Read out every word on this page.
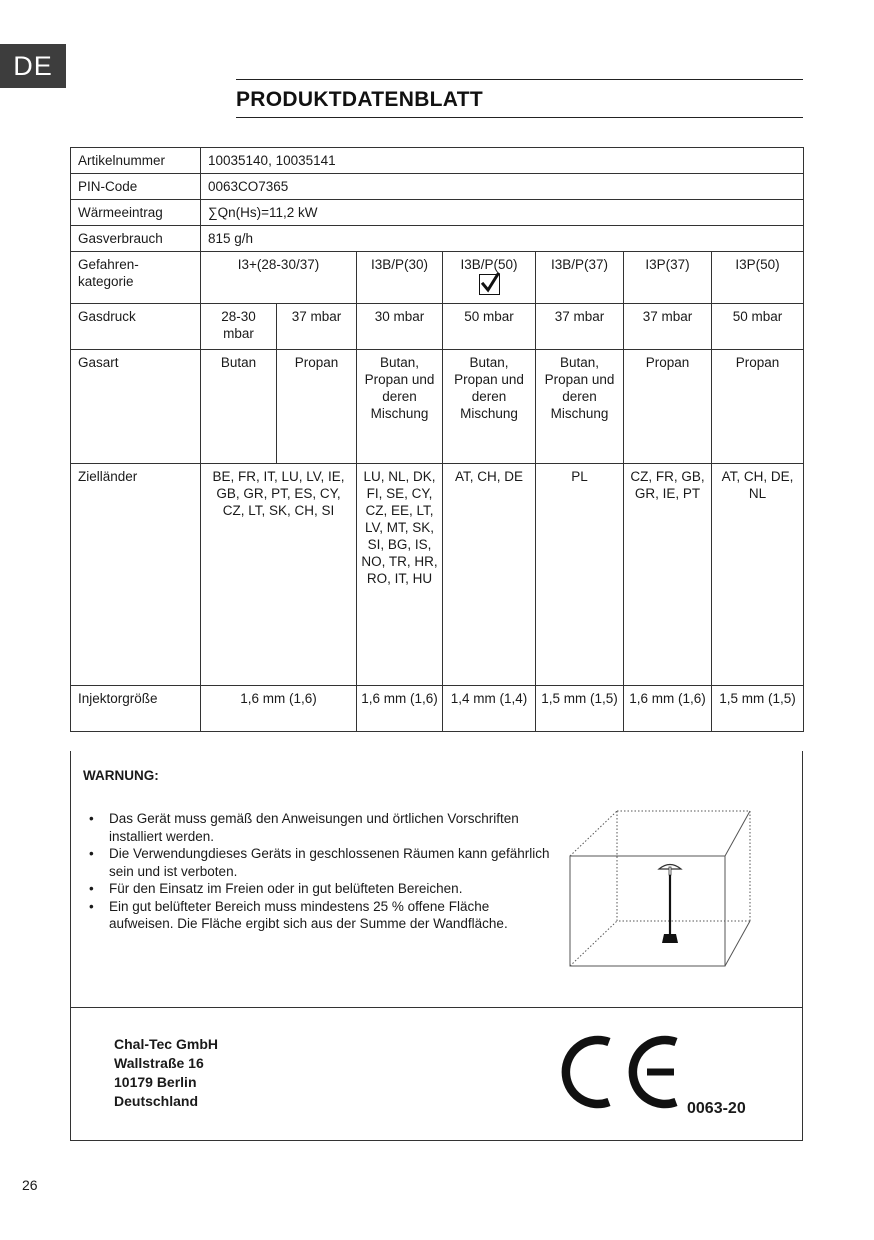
DE
PRODUKTDATENBLATT
Artikelnummer	10035140, 10035141						
PIN-Code	0063CO7365						
Wärmeeintrag	∑Qn(Hs)=11,2 kW						
Gasverbrauch	815 g/h						
Gefahren-
kategorie	I3+(28-30/37)		I3B/P(30)	I3B/P(50)	I3B/P(37)	I3P(37)	I3P(50)
Gasdruck	28-30 mbar	37 mbar	30 mbar	50 mbar	37 mbar	37 mbar	50 mbar
Gasart	Butan	Propan	Butan, Propan und deren Mischung	Butan, Propan und deren Mischung	Butan, Propan und deren Mischung	Propan	Propan
Zielländer	BE, FR, IT, LU, LV, IE, GB, GR, PT, ES, CY, CZ, LT, SK, CH, SI		LU, NL, DK, FI, SE, CY, CZ, EE, LT, LV, MT, SK, SI, BG, IS, NO, TR, HR, RO, IT, HU	AT, CH, DE	PL	CZ, FR, GB, GR, IE, PT	AT, CH, DE, NL
Injektorgröße	1,6 mm (1,6)		1,6 mm (1,6)	1,4 mm (1,4)	1,5 mm (1,5)	1,6 mm (1,6)	1,5 mm (1,5)
WARNUNG:
• Das Gerät muss gemäß den Anweisungen und örtlichen Vorschriften installiert werden.
• Die Verwendungdieses Geräts in geschlossenen Räumen kann gefährlich sein und ist verboten.
• Für den Einsatz im Freien oder in gut belüfteten Bereichen.
• Ein gut belüfteter Bereich muss mindestens 25 % offene Fläche aufweisen. Die Fläche ergibt sich aus der Summe der Wandfläche.
Chal-Tec GmbH
Wallstraße 16
10179 Berlin
Deutschland	0063-20
26
